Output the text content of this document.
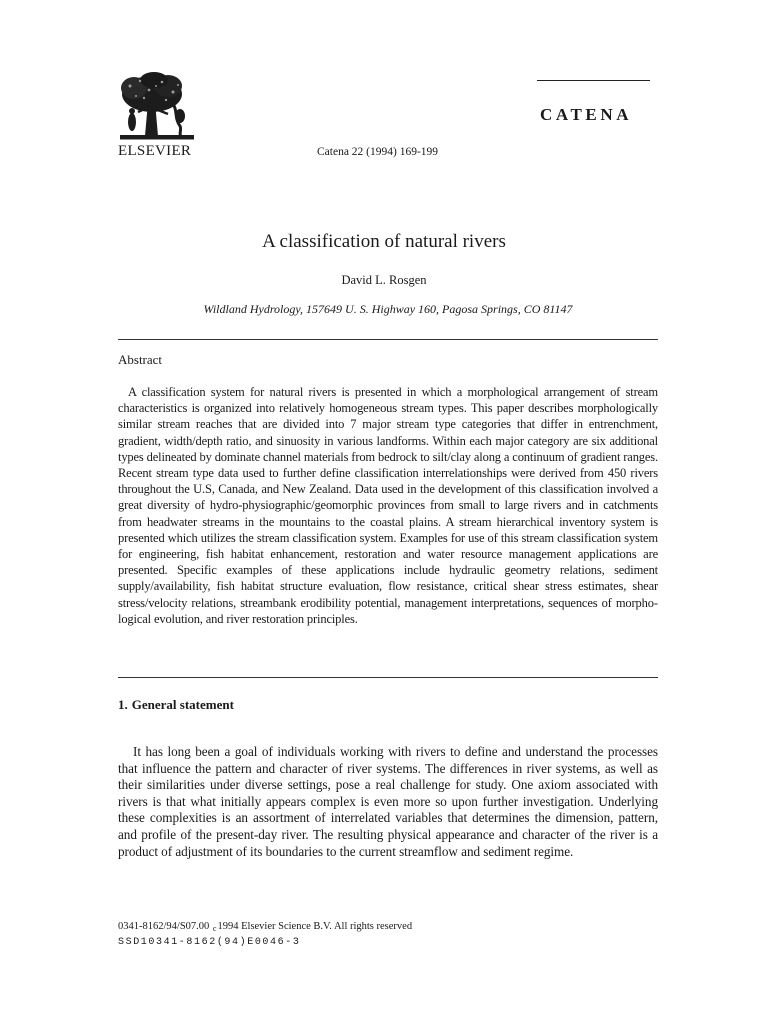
ELSEVIER
CATENA
Catena 22 (1994) 169-199
A classification of natural rivers
David L. Rosgen
Wildland Hydrology, 157649 U. S. Highway 160, Pagosa Springs, CO 81147
Abstract
A classification system for natural rivers is presented in which a morphological arrangement of stream characteristics is organized into relatively homogeneous stream types. This paper describes morphologically similar stream reaches that are divided into 7 major stream type categories that differ in entrenchment, gradient, width/depth ratio, and sinuosity in various landforms. Within each major category are six additional types delineated by dominate channel materials from bedrock to silt/clay along a continuum of gradient ranges. Recent stream type data used to further define classification interrelationships were derived from 450 rivers throughout the U.S, Canada, and New Zealand. Data used in the development of this classification involved a great diversity of hydro-physiographic/geomorphic provinces from small to large rivers and in catchments from headwater streams in the mountains to the coastal plains. A stream hierarchical inventory system is presented which utilizes the stream classification system. Examples for use of this stream classification system for engineering, fish habitat enhancement, restoration and water resource management applications are presented. Specific examples of these applications include hydraulic geometry relations, sediment supply/availability, fish habitat structure evaluation, flow resistance, critical shear stress estimates, shear stress/velocity relations, streambank erodibility potential, management interpretations, sequences of morphological evolution, and river restoration principles.
1. General statement
It has long been a goal of individuals working with rivers to define and understand the processes that influence the pattern and character of river systems. The differences in river systems, as well as their similarities under diverse settings, pose a real challenge for study. One axiom associated with rivers is that what initially appears complex is even more so upon further investigation. Underlying these complexities is an assortment of interrelated variables that determines the dimension, pattern, and profile of the present-day river. The resulting physical appearance and character of the river is a product of adjustment of its boundaries to the current streamflow and sediment regime.
0341-8162/94/S07.00 c1994 Elsevier Science B.V. All rights reserved
SSD10341-8162(94)E0046-3
